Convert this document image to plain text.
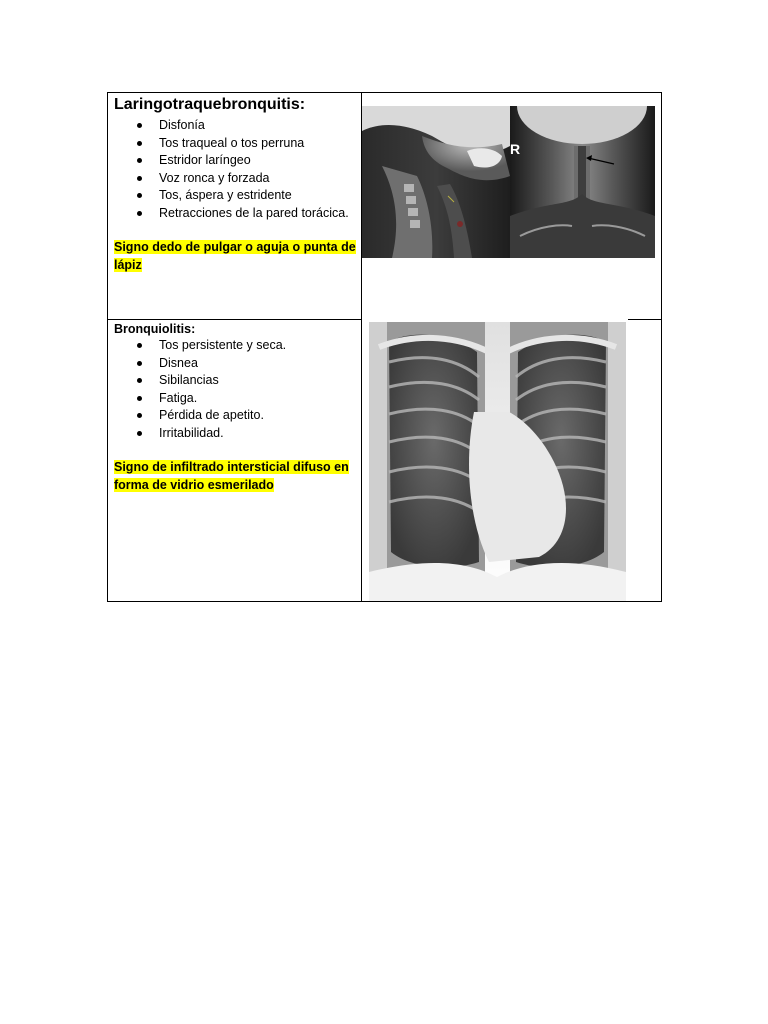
Laringotraquebronquitis:

Disfonía
Tos traqueal o tos perruna
Estridor laríngeo
Voz ronca y forzada
Tos, áspera y estridente
Retracciones de la pared torácica.
Signo dedo de pulgar o aguja o punta de lápiz

Bronquiolitis:

Tos persistente y seca.
Disnea
Sibilancias
Fatiga.
Pérdida de apetito.
Irritabilidad.
Signo de infiltrado intersticial difuso en forma de vidrio esmerilado
R
